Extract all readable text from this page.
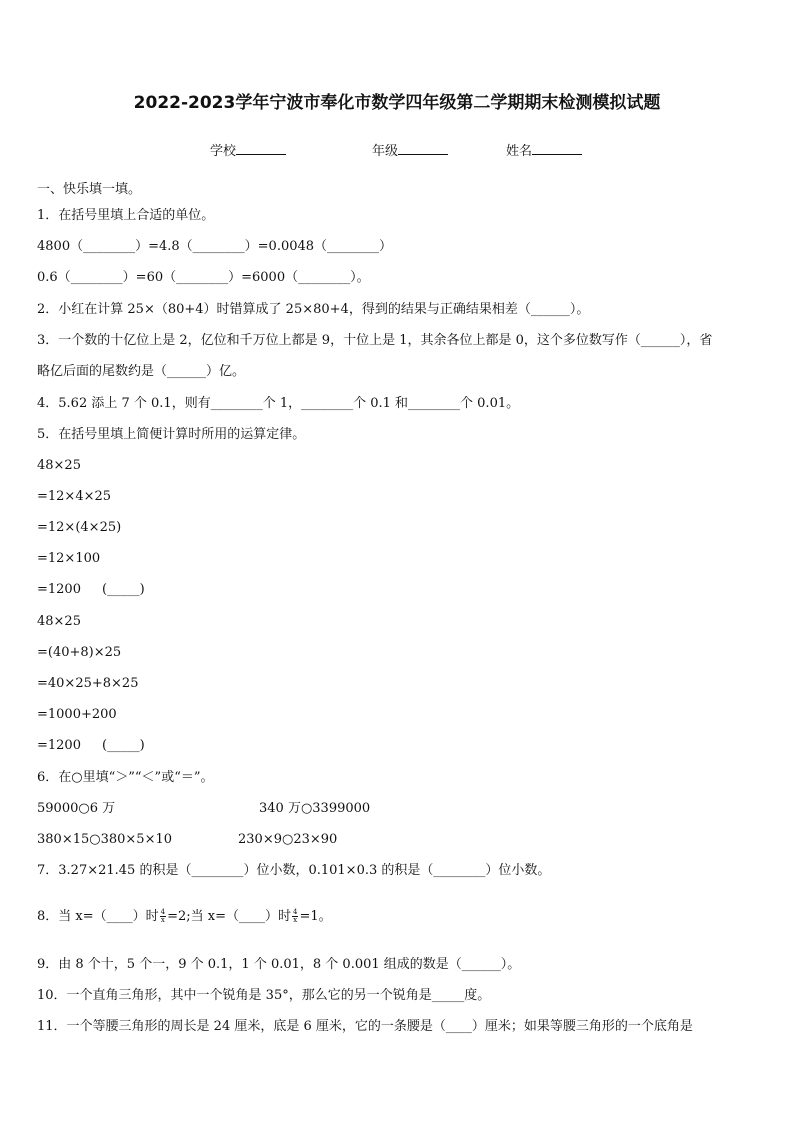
2022-2023学年宁波市奉化市数学四年级第二学期期末检测模拟试题
学校	年级	姓名
一、快乐填一填。
1．在括号里填上合适的单位。
4800（________）=4.8（________）=0.0048（________）
0.6（________）=60（________）=6000（________）。
2．小红在计算 25×（80+4）时错算成了 25×80+4，得到的结果与正确结果相差（______）。
3．一个数的十亿位上是 2，亿位和千万位上都是 9，十位上是 1，其余各位上都是 0，这个多位数写作（______），省
略亿后面的尾数约是（______）亿。
4．5.62 添上 7 个 0.1，则有________个 1，________个 0.1 和________个 0.01。
5．在括号里填上简便计算时所用的运算定律。
48×25
=12×4×25
=12×(4×25)
=12×100
=1200 (_____)
48×25
=(40+8)×25
=40×25+8×25
=1000+200
=1200 (_____)
6．在○里填“＞”“＜”或“＝”。
59000○6 万	340 万○3399000
380×15○380×5×10	230×9○23×90
7．3.27×21.45 的积是（________）位小数，0.101×0.3 的积是（________）位小数。
8．当 x=（____）时 $\frac{4}{x} =2$;当 x=（____）时 $\frac{4}{x} =1$。
9．由 8 个十，5 个一，9 个 0.1，1 个 0.01，8 个 0.001 组成的数是（______）。
10．一个直角三角形，其中一个锐角是 35°，那么它的另一个锐角是_____度。
11．一个等腰三角形的周长是 24 厘米，底是 6 厘米，它的一条腰是（____）厘米；如果等腰三角形的一个底角是
